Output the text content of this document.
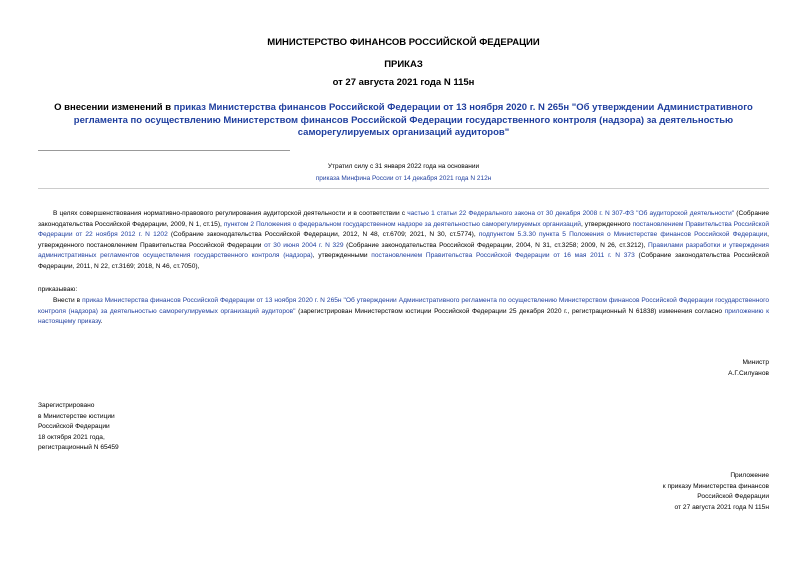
МИНИСТЕРСТВО ФИНАНСОВ РОССИЙСКОЙ ФЕДЕРАЦИИ
ПРИКАЗ
от 27 августа 2021 года N 115н
О внесении изменений в приказ Министерства финансов Российской Федерации от 13 ноября 2020 г. N 265н "Об утверждении Административного регламента по осуществлению Министерством финансов Российской Федерации государственного контроля (надзора) за деятельностью саморегулируемых организаций аудиторов"
Утратил силу с 31 января 2022 года на основании
приказа Минфина России от 14 декабря 2021 года N 212н
В целях совершенствования нормативно-правового регулирования аудиторской деятельности и в соответствии с частью 1 статьи 22 Федерального закона от 30 декабря 2008 г. N 307-ФЗ "Об аудиторской деятельности" (Собрание законодательства Российской Федерации, 2009, N 1, ст.15), пунктом 2 Положения о федеральном государственном надзоре за деятельностью саморегулируемых организаций, утвержденного постановлением Правительства Российской Федерации от 22 ноября 2012 г. N 1202 (Собрание законодательства Российской Федерации, 2012, N 48, ст.6709; 2021, N 30, ст.5774), подпунктом 5.3.30 пункта 5 Положения о Министерстве финансов Российской Федерации, утвержденного постановлением Правительства Российской Федерации от 30 июня 2004 г. N 329 (Собрание законодательства Российской Федерации, 2004, N 31, ст.3258; 2009, N 26, ст.3212), Правилами разработки и утверждения административных регламентов осуществления государственного контроля (надзора), утвержденными постановлением Правительства Российской Федерации от 16 мая 2011 г. N 373 (Собрание законодательства Российской Федерации, 2011, N 22, ст.3169; 2018, N 46, ст.7050),
приказываю:
Внести в приказ Министерства финансов Российской Федерации от 13 ноября 2020 г. N 265н "Об утверждении Административного регламента по осуществлению Министерством финансов Российской Федерации государственного контроля (надзора) за деятельностью саморегулируемых организаций аудиторов" (зарегистрирован Министерством юстиции Российской Федерации 25 декабря 2020 г., регистрационный N 61838) изменения согласно приложению к настоящему приказу.
Министр
А.Г.Силуанов
Зарегистрировано
в Министерстве юстиции
Российской Федерации
18 октября 2021 года,
регистрационный N 65459
Приложение
к приказу Министерства финансов
Российской Федерации
от 27 августа 2021 года N 115н
